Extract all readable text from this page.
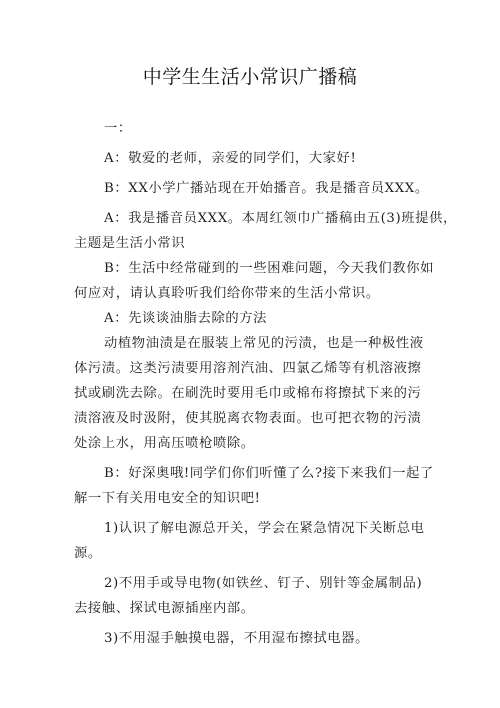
中学生生活小常识广播稿
一：
A：敬爱的老师，亲爱的同学们，大家好!
B：XX小学广播站现在开始播音。我是播音员XXX。
A：我是播音员XXX。本周红领巾广播稿由五(3)班提供，
主题是生活小常识
B：生活中经常碰到的一些困难问题，今天我们教你如
何应对，请认真聆听我们给你带来的生活小常识。
A：先谈谈油脂去除的方法
动植物油渍是在服装上常见的污渍，也是一种极性液
体污渍。这类污渍要用溶剂汽油、四氯乙烯等有机溶液擦
拭或刷洗去除。在刷洗时要用毛巾或棉布将擦拭下来的污
渍溶液及时汲附，使其脱离衣物表面。也可把衣物的污渍
处涂上水，用高压喷枪喷除。
B：好深奥哦!同学们你们听懂了么?接下来我们一起了
解一下有关用电安全的知识吧!
1)认识了解电源总开关，学会在紧急情况下关断总电
源。
2)不用手或导电物(如铁丝、钉子、别针等金属制品)
去接触、探试电源插座内部。
3)不用湿手触摸电器，不用湿布擦拭电器。
